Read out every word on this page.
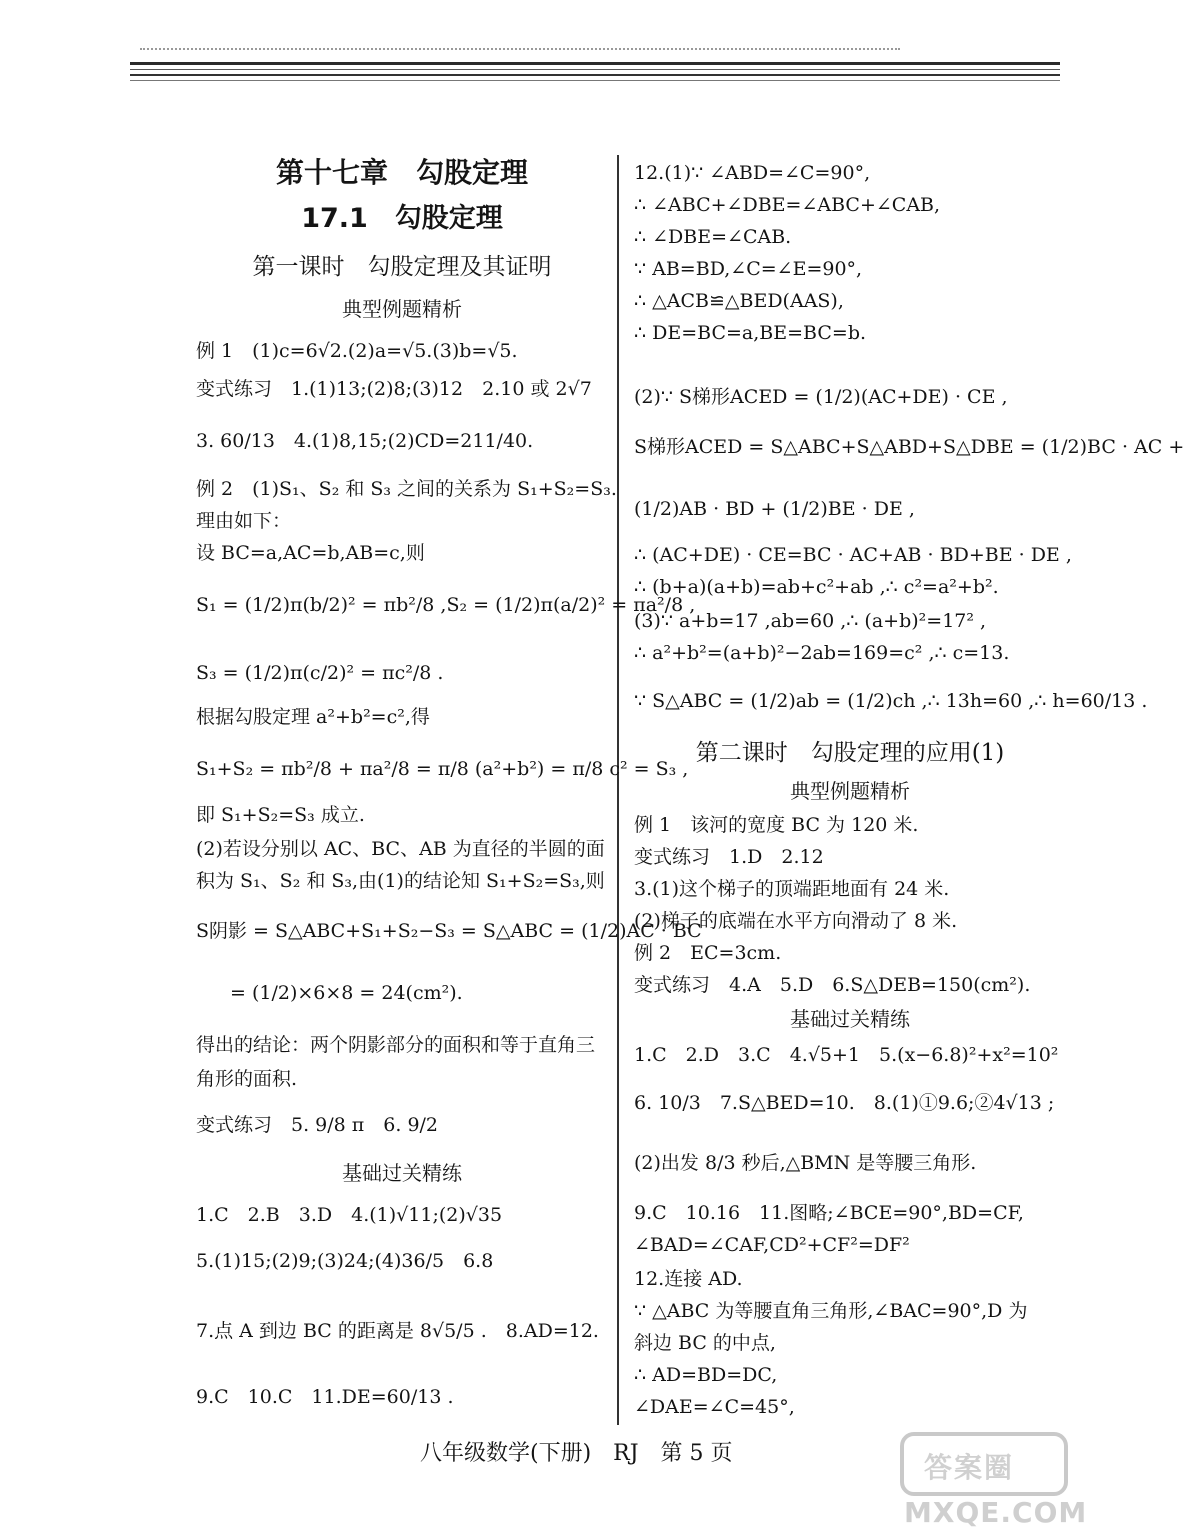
第十七章　勾股定理
17.1　勾股定理
第一课时　勾股定理及其证明
典型例题精析
例 1　(1)c=6√2.(2)a=√5.(3)b=√5.
变式练习　1.(1)13;(2)8;(3)12　2.10 或 2√7
3. 60/13　4.(1)8,15;(2)CD=211/40.
例 2　(1)S₁、S₂ 和 S₃ 之间的关系为 S₁+S₂=S₃.
理由如下：
设 BC=a,AC=b,AB=c,则
S₁ = (1/2)π(b/2)² = πb²/8 ,S₂ = (1/2)π(a/2)² = πa²/8 ,
S₃ = (1/2)π(c/2)² = πc²/8 .
根据勾股定理 a²+b²=c²,得
S₁+S₂ = πb²/8 + πa²/8 = π/8 (a²+b²) = π/8 c² = S₃ ,
即 S₁+S₂=S₃ 成立.
(2)若设分别以 AC、BC、AB 为直径的半圆的面
积为 S₁、S₂ 和 S₃,由(1)的结论知 S₁+S₂=S₃,则
S阴影 = S△ABC+S₁+S₂−S₃ = S△ABC = (1/2)AC · BC
= (1/2)×6×8 = 24(cm²).
得出的结论：两个阴影部分的面积和等于直角三
角形的面积.
变式练习　5. 9/8 π　6. 9/2
基础过关精练
1.C　2.B　3.D　4.(1)√11;(2)√35
5.(1)15;(2)9;(3)24;(4)36/5　6.8
7.点 A 到边 BC 的距离是 8√5/5 .　8.AD=12.
9.C　10.C　11.DE=60/13 .
12.(1)∵ ∠ABD=∠C=90°,
∴ ∠ABC+∠DBE=∠ABC+∠CAB,
∴ ∠DBE=∠CAB.
∵ AB=BD,∠C=∠E=90°,
∴ △ACB≌△BED(AAS),
∴ DE=BC=a,BE=BC=b.
(2)∵ S梯形ACED = (1/2)(AC+DE) · CE ,
S梯形ACED = S△ABC+S△ABD+S△DBE = (1/2)BC · AC +
(1/2)AB · BD + (1/2)BE · DE ,
∴ (AC+DE) · CE=BC · AC+AB · BD+BE · DE ,
∴ (b+a)(a+b)=ab+c²+ab ,∴ c²=a²+b².
(3)∵ a+b=17 ,ab=60 ,∴ (a+b)²=17² ,
∴ a²+b²=(a+b)²−2ab=169=c² ,∴ c=13.
∵ S△ABC = (1/2)ab = (1/2)ch ,∴ 13h=60 ,∴ h=60/13 .
第二课时　勾股定理的应用(1)
典型例题精析
例 1　该河的宽度 BC 为 120 米.
变式练习　1.D　2.12
3.(1)这个梯子的顶端距地面有 24 米.
(2)梯子的底端在水平方向滑动了 8 米.
例 2　EC=3cm.
变式练习　4.A　5.D　6.S△DEB=150(cm²).
基础过关精练
1.C　2.D　3.C　4.√5+1　5.(x−6.8)²+x²=10²
6. 10/3　7.S△BED=10.　8.(1)①9.6;②4√13 ;
(2)出发 8/3 秒后,△BMN 是等腰三角形.
9.C　10.16　11.图略;∠BCE=90°,BD=CF,
∠BAD=∠CAF,CD²+CF²=DF²
12.连接 AD.
∵ △ABC 为等腰直角三角形,∠BAC=90°,D 为
斜边 BC 的中点,
∴ AD=BD=DC,
∠DAE=∠C=45°,
八年级数学(下册)　RJ　第 5 页	答案圈
MXQE.COM
